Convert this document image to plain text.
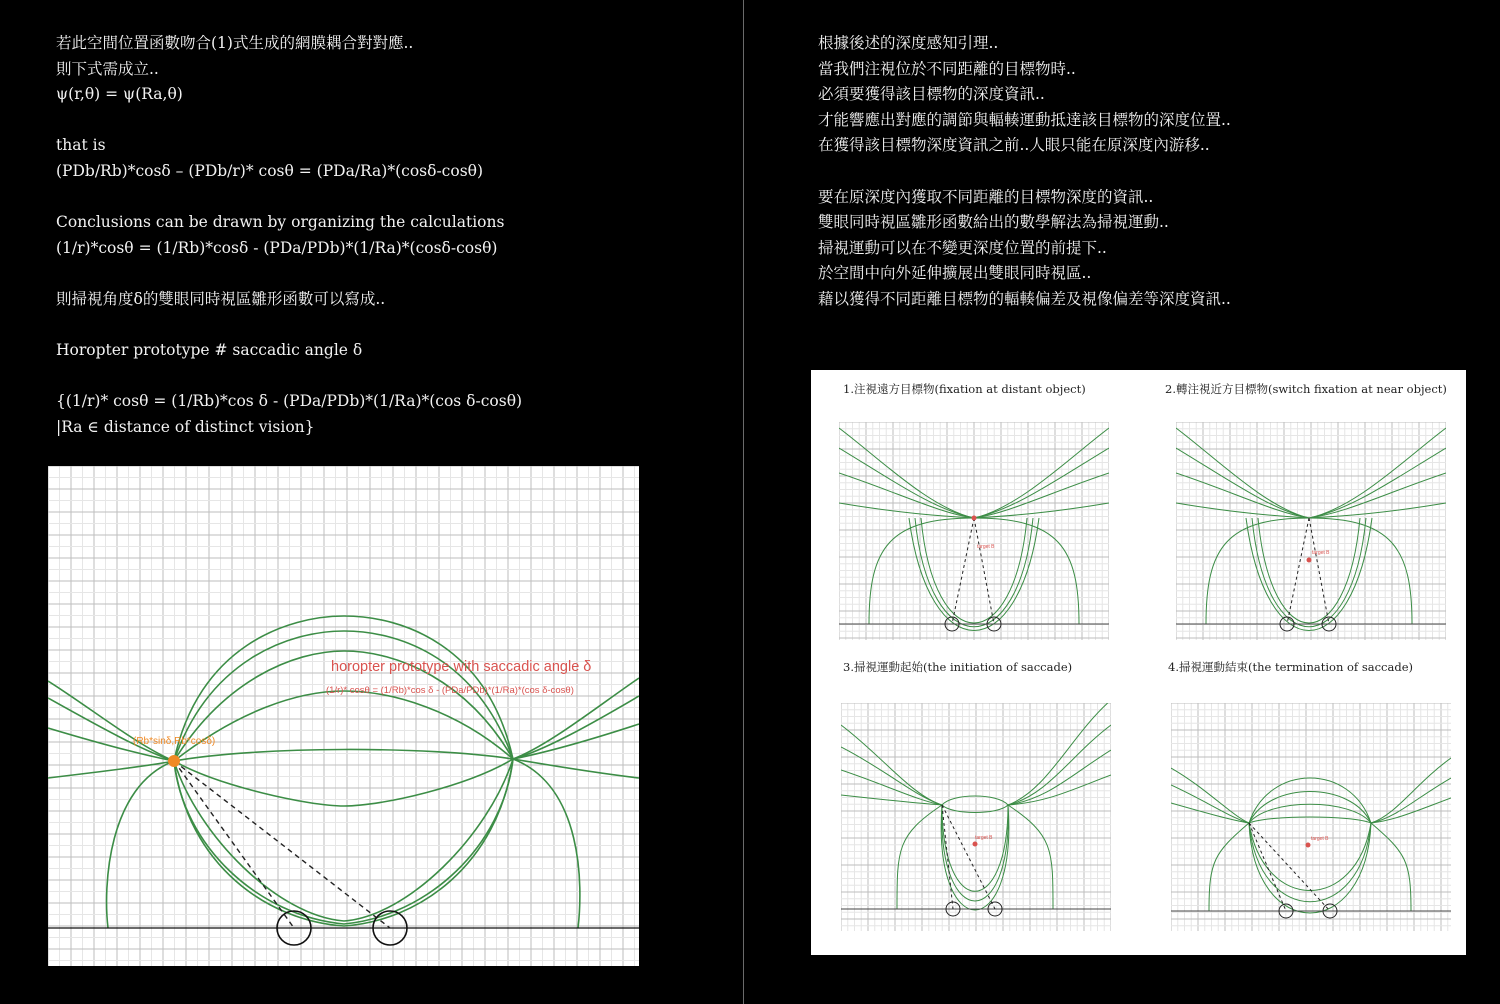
若此空間位置函數吻合(1)式生成的網膜耦合對對應..
則下式需成立..
ψ(r,θ) = ψ(Ra,θ)
that is
(PDb/Rb)*cosδ – (PDb/r)* cosθ = (PDa/Ra)*(cosδ-cosθ)
Conclusions can be drawn by organizing the calculations
(1/r)*cosθ = (1/Rb)*cosδ - (PDa/PDb)*(1/Ra)*(cosδ-cosθ)
則掃視角度δ的雙眼同時視區雛形函數可以寫成..
Horopter prototype # saccadic angle δ
{(1/r)* cosθ = (1/Rb)*cos δ - (PDa/PDb)*(1/Ra)*(cos δ-cosθ)
|Ra ∈ distance of distinct vision}
根據後述的深度感知引理..
當我們注視位於不同距離的目標物時..
必須要獲得該目標物的深度資訊..
才能響應出對應的調節與輻輳運動抵達該目標物的深度位置..
在獲得該目標物深度資訊之前..人眼只能在原深度內游移..
要在原深度內獲取不同距離的目標物深度的資訊..
雙眼同時視區雛形函數給出的數學解法為掃視運動..
掃視運動可以在不變更深度位置的前提下..
於空間中向外延伸擴展出雙眼同時視區..
藉以獲得不同距離目標物的輻輳偏差及視像偏差等深度資訊..
(Rb*sinδ,Rb*cosδ)
horopter prototype with saccadic angle δ
(1/r)* cosθ = (1/Rb)*cos δ - (PDa/PDb)*(1/Ra)*(cos δ-cosθ)
1.注視遠方目標物(fixation at distant object)	2.轉注視近方目標物(switch fixation at near object)
3.掃視運動起始(the initiation of saccade)	4.掃視運動結束(the termination of saccade)
target B
target B
target B	target B
